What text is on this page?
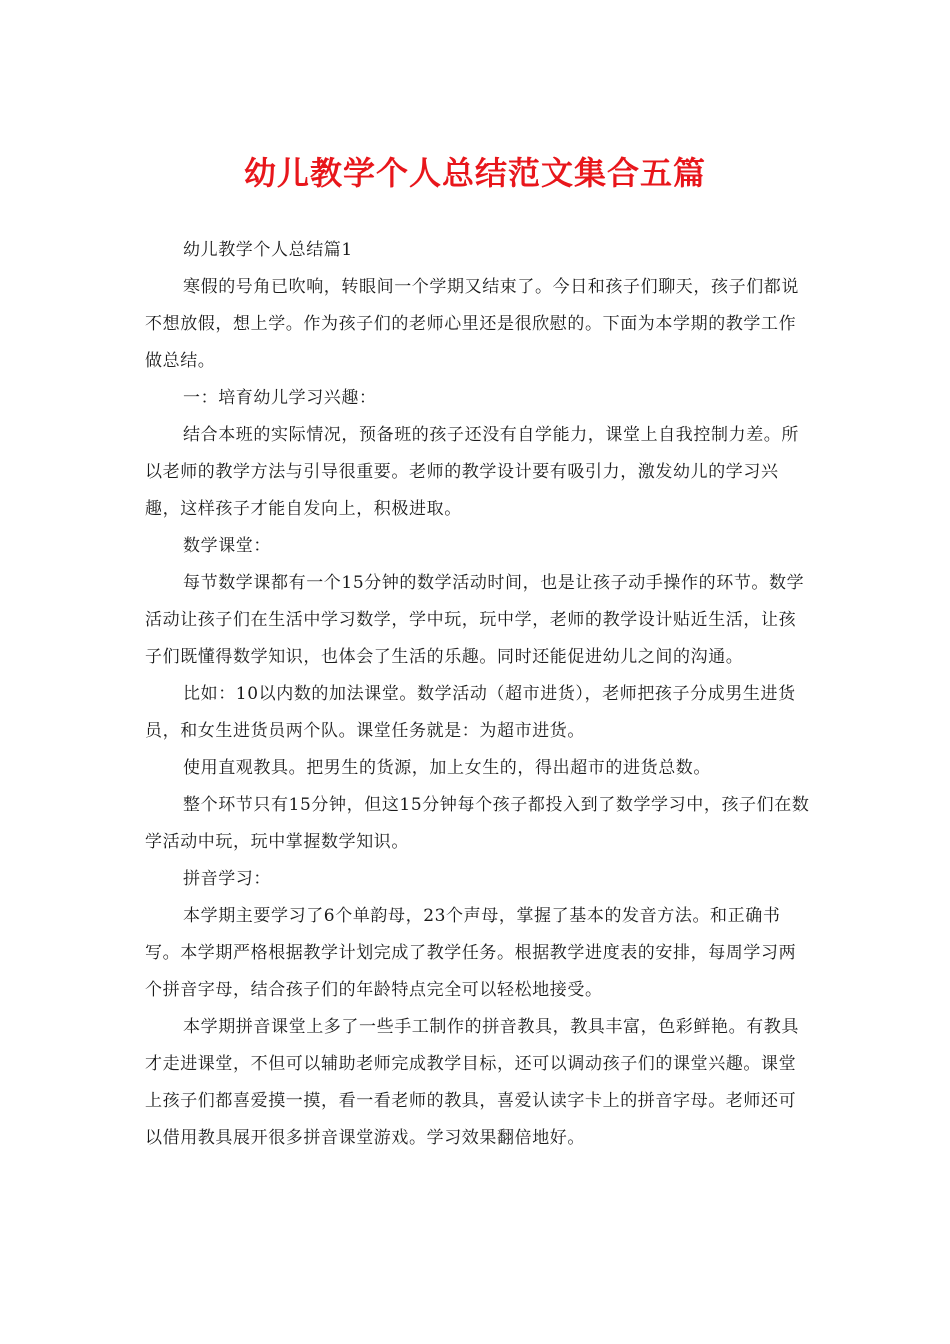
幼儿教学个人总结范文集合五篇

幼儿教学个人总结篇1

寒假的号角已吹响，转眼间一个学期又结束了。今日和孩子们聊天，孩子们都说不想放假，想上学。作为孩子们的老师心里还是很欣慰的。下面为本学期的教学工作做总结。

一：培育幼儿学习兴趣：

结合本班的实际情况，预备班的孩子还没有自学能力，课堂上自我控制力差。所以老师的教学方法与引导很重要。老师的教学设计要有吸引力，激发幼儿的学习兴趣，这样孩子才能自发向上，积极进取。

数学课堂：

每节数学课都有一个15分钟的数学活动时间，也是让孩子动手操作的环节。数学活动让孩子们在生活中学习数学，学中玩，玩中学，老师的教学设计贴近生活，让孩子们既懂得数学知识，也体会了生活的乐趣。同时还能促进幼儿之间的沟通。

比如：10以内数的加法课堂。数学活动（超市进货），老师把孩子分成男生进货员，和女生进货员两个队。课堂任务就是：为超市进货。

使用直观教具。把男生的货源，加上女生的，得出超市的进货总数。

整个环节只有15分钟，但这15分钟每个孩子都投入到了数学学习中，孩子们在数学活动中玩，玩中掌握数学知识。

拼音学习：

本学期主要学习了6个单韵母，23个声母，掌握了基本的发音方法。和正确书写。本学期严格根据教学计划完成了教学任务。根据教学进度表的安排，每周学习两个拼音字母，结合孩子们的年龄特点完全可以轻松地接受。

本学期拼音课堂上多了一些手工制作的拼音教具，教具丰富，色彩鲜艳。有教具才走进课堂，不但可以辅助老师完成教学目标，还可以调动孩子们的课堂兴趣。课堂上孩子们都喜爱摸一摸，看一看老师的教具，喜爱认读字卡上的拼音字母。老师还可以借用教具展开很多拼音课堂游戏。学习效果翻倍地好。
